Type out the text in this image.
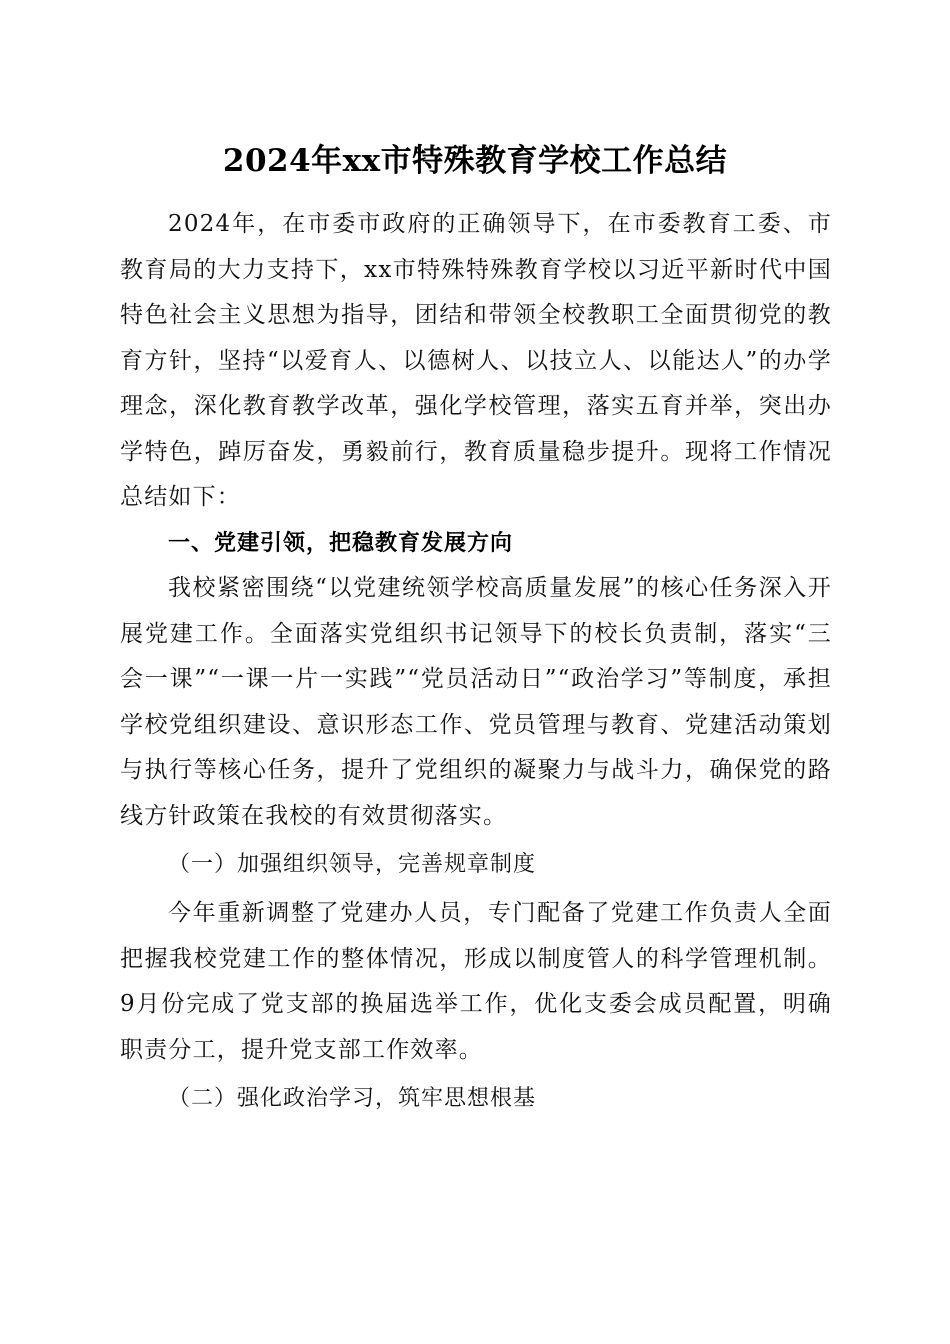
2024年xx市特殊教育学校工作总结

2024年，在市委市政府的正确领导下，在市委教育工委、市教育局的大力支持下，xx市特殊特殊教育学校以习近平新时代中国特色社会主义思想为指导，团结和带领全校教职工全面贯彻党的教育方针，坚持“以爱育人、以德树人、以技立人、以能达人”的办学理念，深化教育教学改革，强化学校管理，落实五育并举，突出办学特色，踔厉奋发，勇毅前行，教育质量稳步提升。现将工作情况总结如下：

一、党建引领，把稳教育发展方向

我校紧密围绕“以党建统领学校高质量发展”的核心任务深入开展党建工作。全面落实党组织书记领导下的校长负责制，落实“三会一课”“一课一片一实践”“党员活动日”“政治学习”等制度，承担学校党组织建设、意识形态工作、党员管理与教育、党建活动策划与执行等核心任务，提升了党组织的凝聚力与战斗力，确保党的路线方针政策在我校的有效贯彻落实。

（一）加强组织领导，完善规章制度

今年重新调整了党建办人员，专门配备了党建工作负责人全面把握我校党建工作的整体情况，形成以制度管人的科学管理机制。9月份完成了党支部的换届选举工作，优化支委会成员配置，明确职责分工，提升党支部工作效率。

（二）强化政治学习，筑牢思想根基
